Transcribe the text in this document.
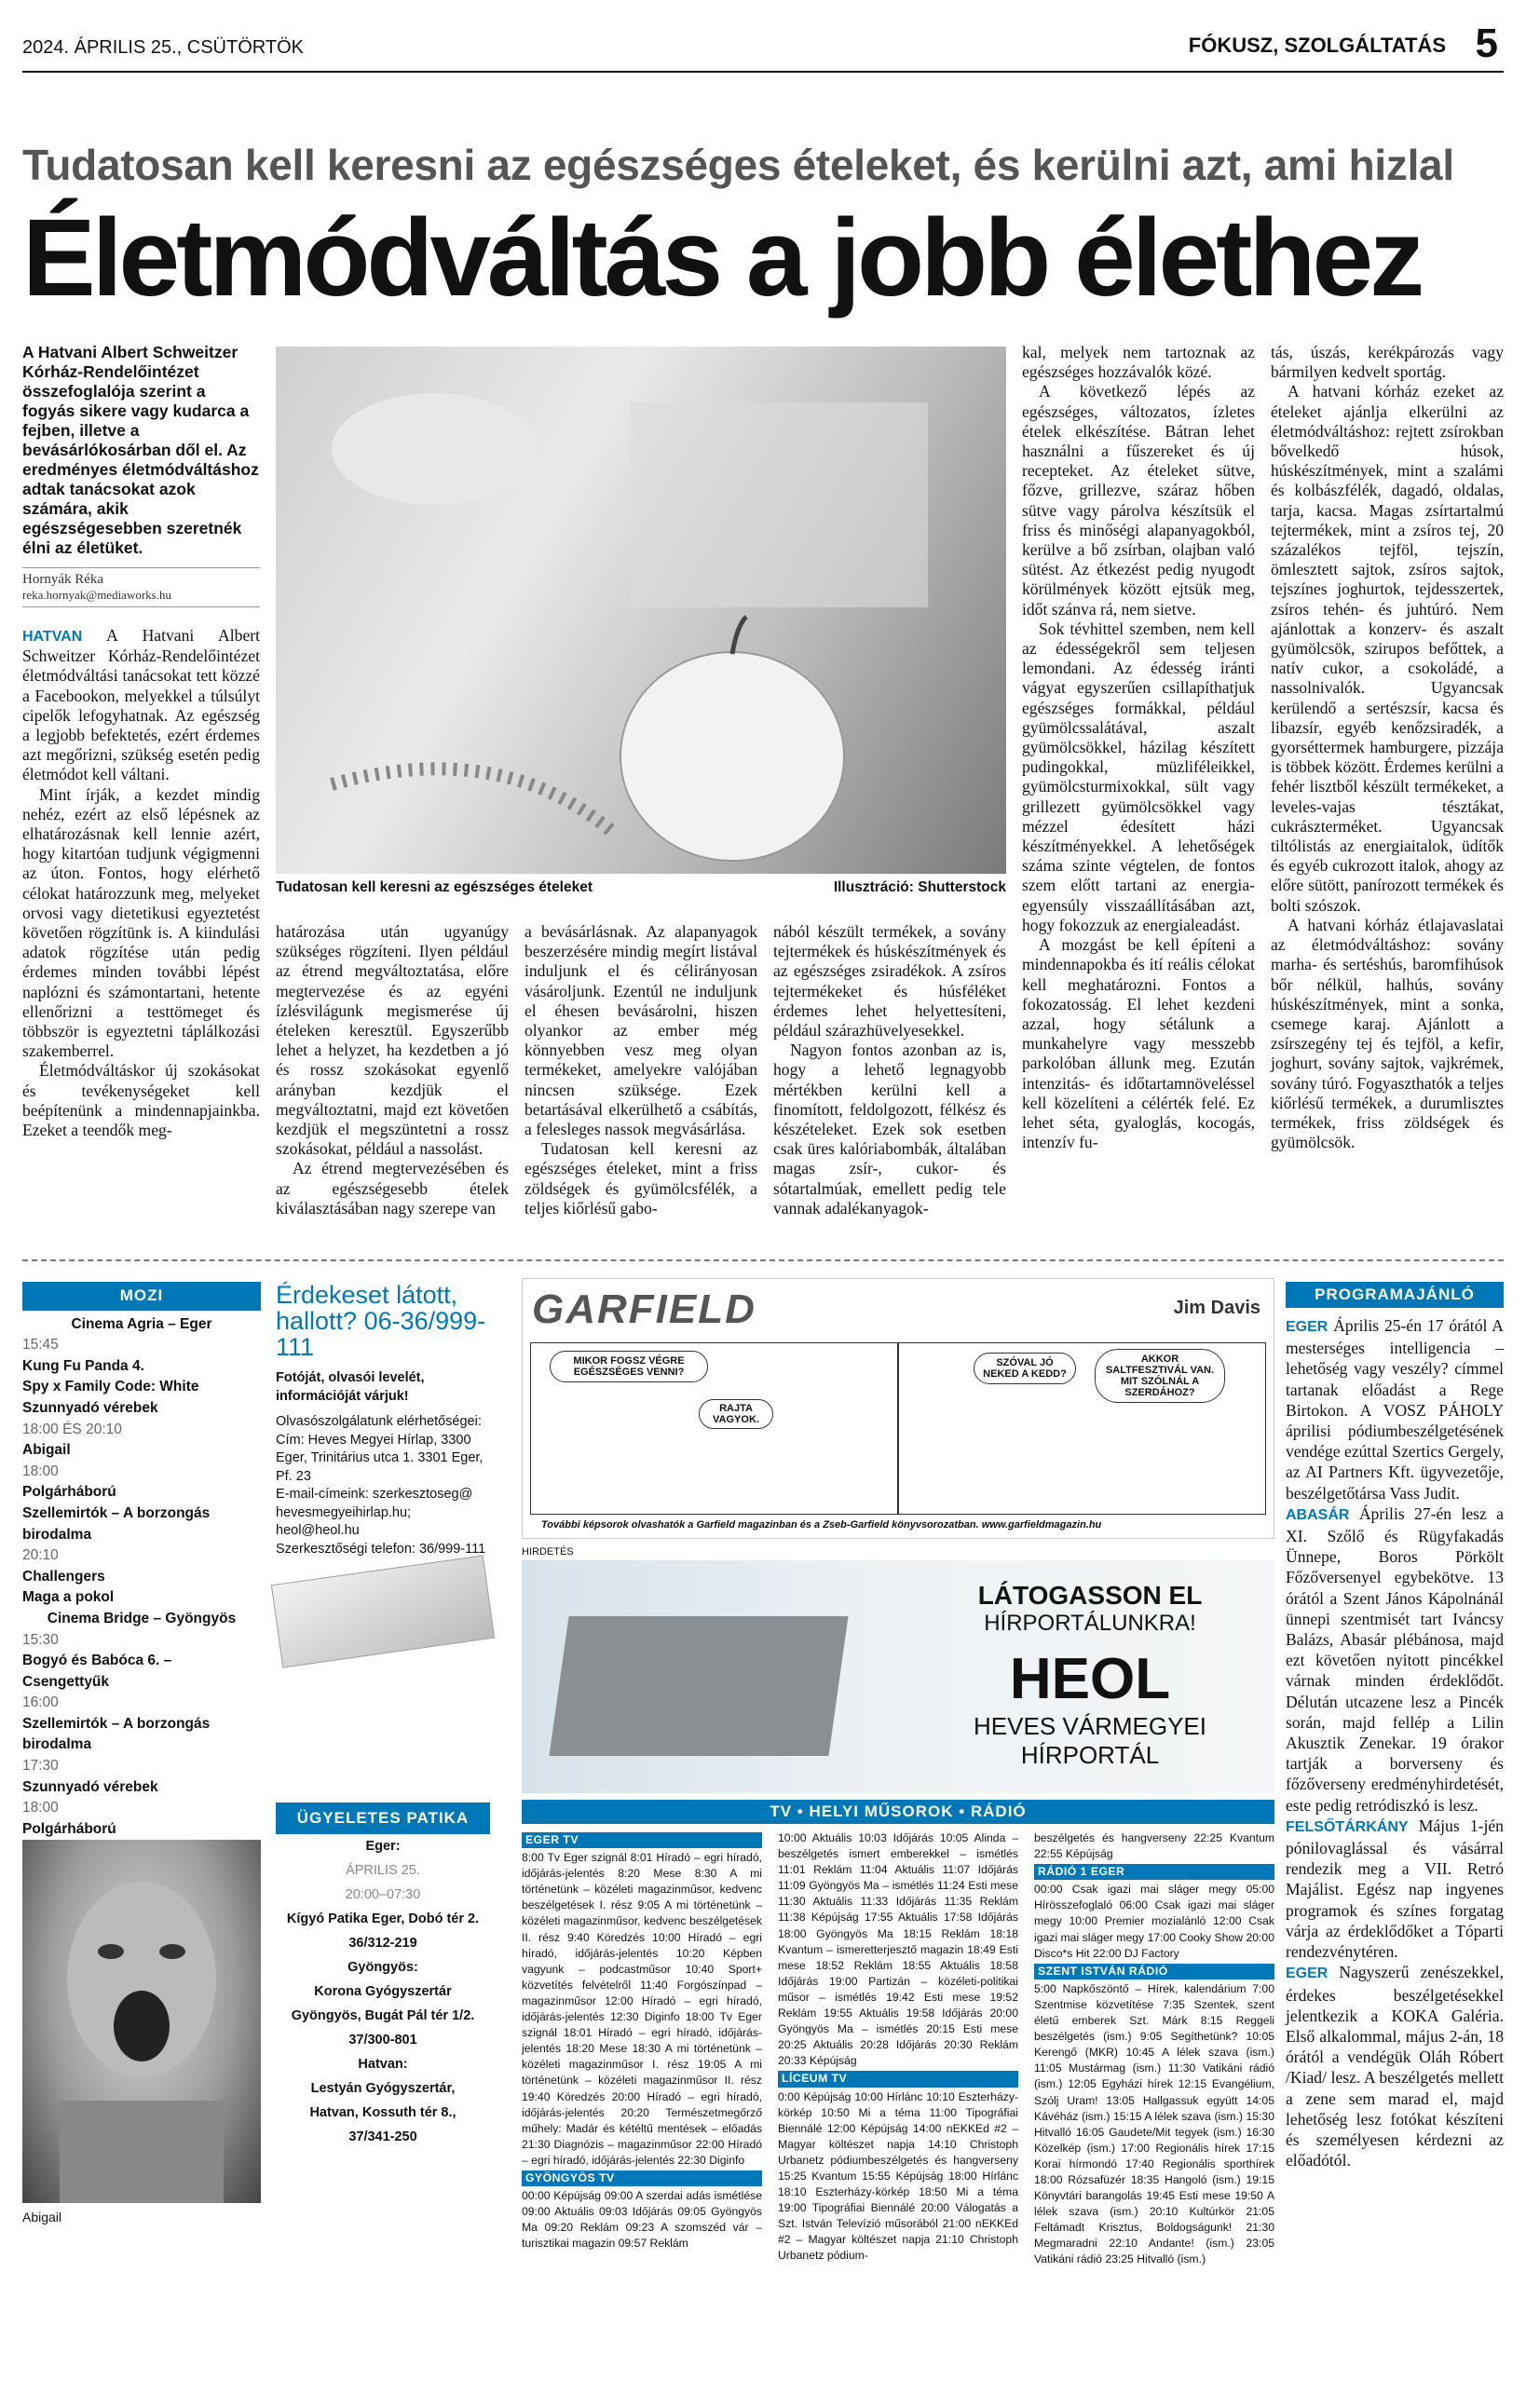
2024. ÁPRILIS 25., CSÜTÖRTÖK	FÓKUSZ, SZOLGÁLTATÁS 5
Tudatosan kell keresni az egészséges ételeket, és kerülni azt, ami hizlal
Életmódváltás a jobb élethez
A Hatvani Albert Schweitzer Kórház-Rendelőintézet összefoglalója szerint a fogyás sikere vagy kudarca a fejben, illetve a bevásárlókosárban dől el. Az eredményes életmódváltáshoz adtak tanácsokat azok számára, akik egészségesebben szeretnék élni az életüket.
Hornyák Réka
reka.hornyak@mediaworks.hu

HATVAN A Hatvani Albert Schweitzer Kórház-Rendelőintézet életmódváltási tanácsokat tett közzé a Facebookon, melyekkel a túlsúlyt cipelők lefogyhatnak. Az egészség a legjobb befektetés, ezért érdemes azt megőrizni, szükség esetén pedig életmódot kell váltani.

Mint írják, a kezdet mindig nehéz, ezért az első lépésnek az elhatározásnak kell lennie azért, hogy kitartóan tudjunk végigmenni az úton. Fontos, hogy elérhető célokat határozzunk meg, melyeket orvosi vagy dietetikusi egyeztetést követően rögzítünk is. A kiindulási adatok rögzítése után pedig érdemes minden további lépést naplózni és számontartani, hetente ellenőrizni a testtömeget és többször is egyeztetni táplálkozási szakemberrel.

Életmódváltáskor új szokásokat és tevékenységeket kell beépítenünk a mindennapjainkba. Ezeket a teendők meg-

Tudatosan kell keresni az egészséges ételeket	Illusztráció: Shutterstock

határozása után ugyanúgy szükséges rögzíteni. Ilyen például az étrend megváltoztatása, előre megtervezése és az egyéni ízlésvilágunk megismerése új ételeken keresztül. Egyszerűbb lehet a helyzet, ha kezdetben a jó és rossz szokásokat egyenlő arányban kezdjük el megváltoztatni, majd ezt követően kezdjük el megszüntetni a rossz szokásokat, például a nassolást.

Az étrend megtervezésében és az egészségesebb ételek kiválasztásában nagy szerepe van

a bevásárlásnak. Az alapanyagok beszerzésére mindig megírt listával induljunk el és célirányosan vásároljunk. Ezentúl ne induljunk el éhesen bevásárolni, hiszen olyankor az ember még könnyebben vesz meg olyan termékeket, amelyekre valójában nincsen szüksége. Ezek betartásával elkerülhető a csábítás, a felesleges nassok megvásárlása.

Tudatosan kell keresni az egészséges ételeket, mint a friss zöldségek és gyümölcsfélék, a teljes kiőrlésű gabo-

nából készült termékek, a sovány tejtermékek és húskészítmények és az egészséges zsiradékok. A zsíros tejtermékeket és húsféléket érdemes lehet helyettesíteni, például szárazhüvelyesekkel.

Nagyon fontos azonban az is, hogy a lehető legnagyobb mértékben kerülni kell a finomított, feldolgozott, félkész és készételeket. Ezek sok esetben csak üres kalóriabombák, általában magas zsír-, cukor- és sótartalmúak, emellett pedig tele vannak adalékanyagok-

kal, melyek nem tartoznak az egészséges hozzávalók közé.

A következő lépés az egészséges, változatos, ízletes ételek elkészítése. Bátran lehet használni a fűszereket és új recepteket. Az ételeket sütve, főzve, grillezve, száraz hőben sütve vagy párolva készítsük el friss és minőségi alapanyagokból, kerülve a bő zsírban, olajban való sütést. Az étkezést pedig nyugodt körülmények között ejtsük meg, időt szánva rá, nem sietve.

Sok tévhittel szemben, nem kell az édességekről sem teljesen lemondani. Az édesség iránti vágyat egyszerűen csillapíthatjuk egészséges formákkal, például gyümölcssalátával, aszalt gyümölcsökkel, házilag készített pudingokkal, müzliféleikkel, gyümölcsturmixokkal, sült vagy grillezett gyümölcsökkel vagy mézzel édesített házi készítményekkel. A lehetőségek száma szinte végtelen, de fontos szem előtt tartani az energia-egyensúly visszaállításában azt, hogy fokozzuk az energialeadást.

A mozgást be kell építeni a mindennapokba és ití reális célokat kell meghatározni. Fontos a fokozatosság. El lehet kezdeni azzal, hogy sétálunk a munkahelyre vagy messzebb parkolóban állunk meg. Ezután intenzitás- és időtartamnöveléssel kell közelíteni a célérték felé. Ez lehet séta, gyaloglás, kocogás, intenzív fu-

tás, úszás, kerékpározás vagy bármilyen kedvelt sportág.

A hatvani kórház ezeket az ételeket ajánlja elkerülni az életmódváltáshoz: rejtett zsírokban bővelkedő húsok, húskészítmények, mint a szalámi és kolbászfélék, dagadó, oldalas, tarja, kacsa. Magas zsírtartalmú tejtermékek, mint a zsíros tej, 20 százalékos tejföl, tejszín, ömlesztett sajtok, zsíros sajtok, tejszínes joghurtok, tejdesszertek, zsíros tehén- és juhtúró. Nem ajánlottak a konzerv- és aszalt gyümölcsök, szirupos befőttek, a natív cukor, a csokoládé, a nassolnivalók. Ugyancsak kerülendő a sertészsír, kacsa és libazsír, egyéb kenőzsiradék, a gyorséttermek hamburgere, pizzája is többek között. Érdemes kerülni a fehér lisztből készült termékeket, a leveles-vajas tésztákat, cukrászterméket. Ugyancsak tiltólistás az energiaitalok, üdítők és egyéb cukrozott italok, ahogy az előre sütött, panírozott termékek és bolti szószok.

A hatvani kórház étlajavaslatai az életmódváltáshoz: sovány marha- és sertéshús, baromfihúsok bőr nélkül, halhús, sovány húskészítmények, mint a sonka, csemege karaj. Ajánlott a zsírszegény tej és tejföl, a kefir, joghurt, sovány sajtok, vajkrémek, sovány túró. Fogyaszthatók a teljes kiőrlésű termékek, a durumlisztes termékek, friss zöldségek és gyümölcsök.

MOZI
Cinema Agria – Eger
15:45
Kung Fu Panda 4.
Spy x Family Code: White
Szunnyadó vérebek
18:00 ÉS 20:10
Abigail
18:00
Polgárháború
Szellemirtók – A borzongás birodalma
20:10
Challengers
Maga a pokol
Cinema Bridge – Gyöngyös
15:30
Bogyó és Babóca 6. – Csengettyűk
16:00
Szellemirtók – A borzongás birodalma
17:30
Szunnyadó vérebek
18:00
Polgárháború
Abigail
Érdekeset látott, hallott? 06-36/999-111
Fotóját, olvasói levelét, információját várjuk!
Olvasószolgálatunk elérhetőségei:
Cím: Heves Megyei Hírlap, 3300 Eger, Trinitárius utca 1. 3301 Eger, Pf. 23
E-mail-címeink: szerkesztoseg@ hevesmegyeihirlap.hu; heol@heol.hu
Szerkesztőségi telefon: 36/999-111
ÜGYELETES PATIKA
Eger:
ÁPRILIS 25.
20:00–07:30
Kígyó Patika Eger, Dobó tér 2.
36/312-219
Gyöngyös:
Korona Gyógyszertár
Gyöngyös, Bugát Pál tér 1/2.
37/300-801
Hatvan:
Lestyán Gyógyszertár,
Hatvan, Kossuth tér 8.,
37/341-250
GARFIELD	Jim Davis
MIKOR FOGSZ VÉGRE EGÉSZSÉGES VENNI?
RAJTA VAGYOK.
SZÓVAL JÓ NEKED A KEDD?
AKKOR SALTFESZTIVÁL VAN. MIT SZÓLNÁL A SZERDÁHOZ?
További képsorok olvashatók a Garfield magazinban és a Zseb-Garfield könyvsorozatban. www.garfieldmagazin.hu
HIRDETÉS
LÁTOGASSON EL
HÍRPORTÁLUNKRA!
HEOL
HEVES VÁRMEGYEI
HÍRPORTÁL
TV • HELYI MŰSOROK • RÁDIÓ
EGER TV
8:00 Tv Eger szignál 8:01 Híradó – egri híradó, időjárás-jelentés 8:20 Mese 8:30 A mi történetünk – közéleti magazinműsor, kedvenc beszélgetések I. rész 9:05 A mi történetünk – közéleti magazinműsor, kedvenc beszélgetések II. rész 9:40 Köredzés 10:00 Híradó – egri híradó, időjárás-jelentés 10:20 Képben vagyunk – podcastműsor 10:40 Sport+ közvetítés felvételről 11:40 Forgószínpad – magazinműsor 12:00 Híradó – egri híradó, időjárás-jelentés 12:30 Diginfo 18:00 Tv Eger szignál 18:01 Híradó – egri híradó, időjárás-jelentés 18:20 Mese 18:30 A mi történetünk – közéleti magazinműsor I. rész 19:05 A mi történetünk – közéleti magazinműsor II. rész 19:40 Köredzés 20:00 Híradó – egri híradó, időjárás-jelentés 20:20 Természetmegőrző műhely: Madár és kétéltű mentések – előadás 21:30 Diagnózis – magazinműsor 22:00 Híradó – egri híradó, időjárás-jelentés 22:30 Diginfo
GYÖNGYÖS TV
00:00 Képújság 09:00 A szerdai adás ismétlése 09:00 Aktuális 09:03 Időjárás 09:05 Gyöngyös Ma 09:20 Reklám 09:23 A szomszéd vár – turisztikai magazin 09:57 Reklám
10:00 Aktuális 10:03 Időjárás 10:05 Alinda – beszélgetés ismert emberekkel – ismétlés 11:01 Reklám 11:04 Aktuális 11:07 Időjárás 11:09 Gyöngyös Ma – ismétlés 11:24 Esti mese 11:30 Aktuális 11:33 Időjárás 11:35 Reklám 11:38 Képújság 17:55 Aktuális 17:58 Időjárás 18:00 Gyöngyös Ma 18:15 Reklám 18:18 Kvantum – ismeretterjesztő magazin 18:49 Esti mese 18:52 Reklám 18:55 Aktuális 18:58 Időjárás 19:00 Partizán – közéleti-politikai műsor – ismétlés 19:42 Esti mese 19:52 Reklám 19:55 Aktuális 19:58 Időjárás 20:00 Gyöngyös Ma – ismétlés 20:15 Esti mese 20:25 Aktuális 20:28 Időjárás 20:30 Reklám 20:33 Képújság
LÍCEUM TV
0:00 Képújság 10:00 Hírlánc 10:10 Eszterházy-körkép 10:50 Mi a téma 11:00 Tipográfiai Biennálé 12:00 Képújság 14:00 nEKKEd #2 – Magyar költészet napja 14:10 Christoph Urbanetz pódiumbeszélgetés és hangverseny 15:25 Kvantum 15:55 Képújság 18:00 Hírlánc 18:10 Eszterházy-körkép 18:50 Mi a téma 19:00 Tipográfiai Biennálé 20:00 Válogatás a Szt. István Televízió műsorából 21:00 nEKKEd #2 – Magyar költészet napja 21:10 Christoph Urbanetz pódium-
beszélgetés és hangverseny 22:25 Kvantum 22:55 Képújság
RÁDIÓ 1 EGER
00:00 Csak igazi mai sláger megy 05:00 Hírösszefoglaló 06:00 Csak igazi mai sláger megy 10:00 Premier mozialánló 12:00 Csak igazi mai sláger megy 17:00 Cooky Show 20:00 Disco*s Hit 22:00 DJ Factory
SZENT ISTVÁN RÁDIÓ
5:00 Napkőszöntő – Hírek, kalendárium 7:00 Szentmise közvetítése 7:35 Szentek, szent életű emberek Szt. Márk 8:15 Reggeli beszélgetés (ism.) 9:05 Segíthetünk? 10:05 Kerengő (MKR) 10:45 A lélek szava (ism.) 11:05 Mustármag (ism.) 11:30 Vatikáni rádió (ism.) 12:05 Egyházi hírek 12:15 Evangélium, Szólj Uram! 13:05 Hallgassuk együtt 14:05 Kávéház (ism.) 15:15 A lélek szava (ism.) 15:30 Hitvalló 16:05 Gaudete/Mit tegyek (ism.) 16:30 Közelkép (ism.) 17:00 Regionális hírek 17:15 Korai hírmondó 17:40 Regionális sporthírek 18:00 Rózsafüzér 18:35 Hangoló (ism.) 19:15 Könyvtári barangolás 19:45 Esti mese 19:50 A lélek szava (ism.) 20:10 Kultúrkör 21:05 Feltámadt Krisztus, Boldogságunk! 21:30 Megmaradni 22:10 Andante! (ism.) 23:05 Vatikáni rádió 23:25 Hitvalló (ism.)
PROGRAMAJÁNLÓ

EGER Április 25-én 17 órától A mesterséges intelligencia – lehetőség vagy veszély? címmel tartanak előadást a Rege Birtokon. A VOSZ PÁHOLY áprilisi pódiumbeszélgetésének vendége ezúttal Szertics Gergely, az AI Partners Kft. ügyvezetője, beszélgetőtársa Vass Judit.

ABASÁR Április 27-én lesz a XI. Szőlő és Rügyfakadás Ünnepe, Boros Pörkölt Főzőversenyel egybekötve. 13 órától a Szent János Kápolnánál ünnepi szentmisét tart Iváncsy Balázs, Abasár plébánosa, majd ezt követően nyitott pincékkel várnak minden érdeklődőt. Délután utcazene lesz a Pincék során, majd fellép a Lilin Akusztik Zenekar. 19 órakor tartják a borverseny és főzőverseny eredményhirdetését, este pedig retródiszkó is lesz.

FELSŐTÁRKÁNY Május 1-jén pónilovaglással és vásárral rendezik meg a VII. Retró Majálist. Egész nap ingyenes programok és színes forgatag várja az érdeklődőket a Tóparti rendezvénytéren.

EGER Nagyszerű zenészekkel, érdekes beszélgetésekkel jelentkezik a KOKA Galéria. Első alkalommal, május 2-án, 18 órától a vendégük Oláh Róbert /Kiad/ lesz. A beszélgetés mellett a zene sem marad el, majd lehetőség lesz fotókat készíteni és személyesen kérdezni az előadótól.
